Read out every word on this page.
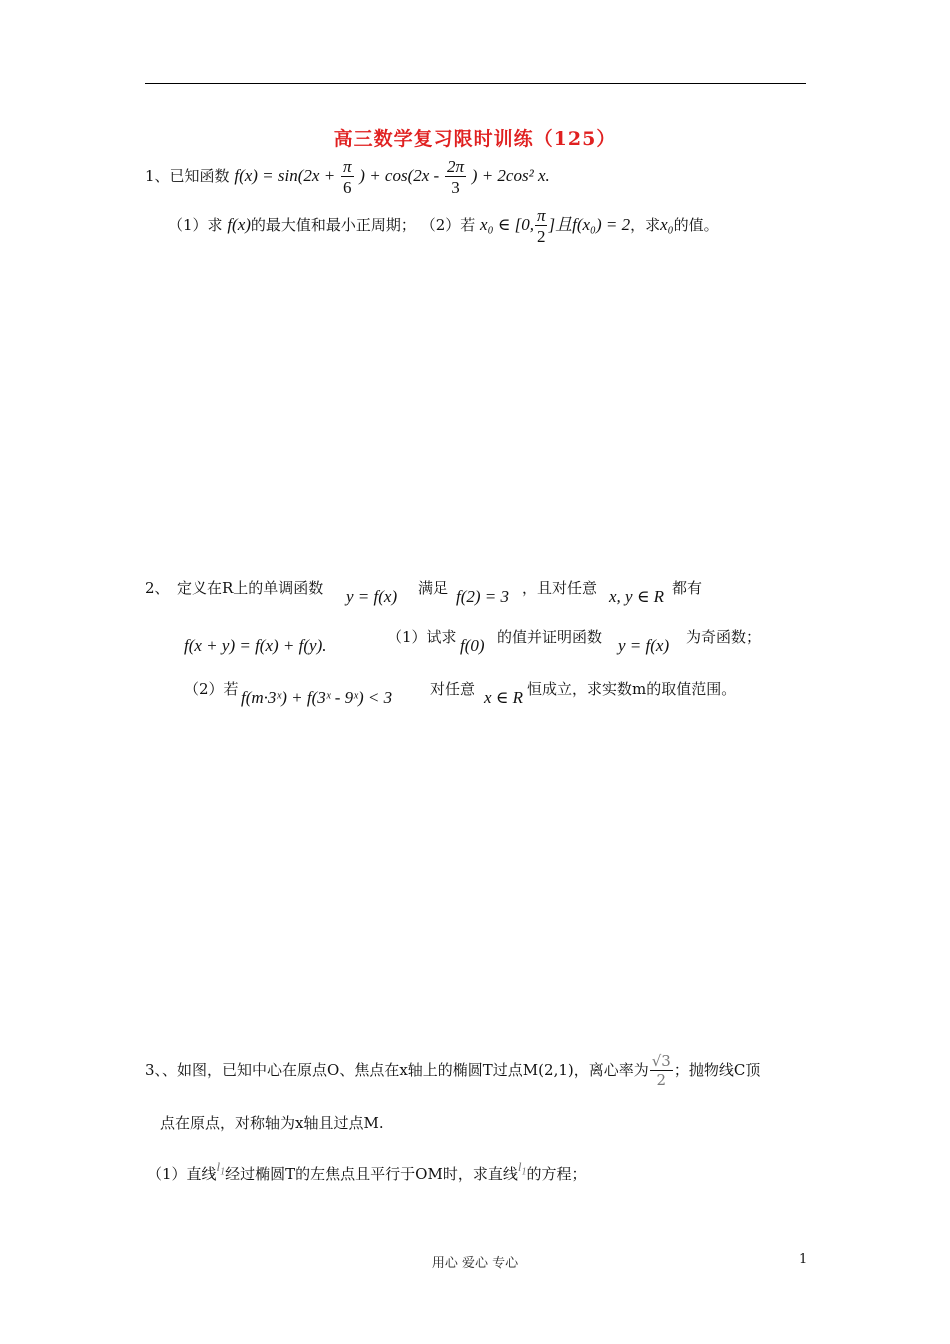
高三数学复习限时训练（125）
1、已知函数 $f(x) = \sin(2x + \frac{\pi}{6}$ ) + $\cos(2x - \frac{2\pi}{3}$ ) + 2cos² x.
（1）求 f(x)的最大值和最小正周期； （2）若 x₀ ∈ [0, $\frac{\pi}{2}$ ]且f(x₀) = 2，求x₀的值。
2、 定义在R上的单调函数 y = f(x) 满足 f(2) = 3 ，且对任意 x, y ∈ R 都有
f(x + y) = f(x) + f(y).	（1）试求 f(0) 的值并证明函数 y = f(x) 为奇函数；
（2）若 f(m·3ˣ) + f(3ˣ - 9ˣ) < 3	对任意 x ∈ R 恒成立，求实数m的取值范围。
3、、如图，已知中心在原点O、焦点在x轴上的椭圆T过点M(2,1)，离心率为 $\frac{√3}{2}$ ；抛物线C顶
点在原点，对称轴为x轴且过点M.
（1）直线$l_1$经过椭圆T的左焦点且平行于OM时，求直线$l_1$的方程；
用心 爱心 专心	1
